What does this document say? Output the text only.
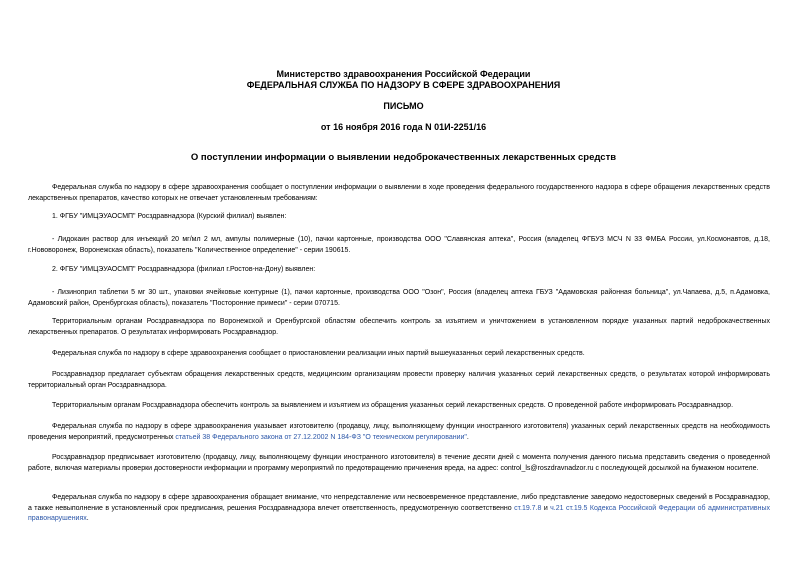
Министерство здравоохранения Российской Федерации
ФЕДЕРАЛЬНАЯ СЛУЖБА ПО НАДЗОРУ В СФЕРЕ ЗДРАВООХРАНЕНИЯ
ПИСЬМО
от 16 ноября 2016 года N 01И-2251/16
О поступлении информации о выявлении недоброкачественных лекарственных средств
Федеральная служба по надзору в сфере здравоохранения сообщает о поступлении информации о выявлении в ходе проведения федерального государственного надзора в сфере обращения лекарственных средств лекарственных препаратов, качество которых не отвечает установленным требованиям:
1. ФГБУ "ИМЦЭУАОСМП" Росздравнадзора (Курский филиал) выявлен:
- Лидокаин раствор для инъекций 20 мг/мл 2 мл, ампулы полимерные (10), пачки картонные, производства ООО "Славянская аптека", Россия (владелец ФГБУЗ МСЧ N 33 ФМБА России, ул.Космонавтов, д.18, г.Нововоронеж, Воронежская область), показатель "Количественное определение" - серии 190615.
2. ФГБУ "ИМЦЭУАОСМП" Росздравнадзора (филиал г.Ростов-на-Дону) выявлен:
- Лизиноприл таблетки 5 мг 30 шт., упаковки ячейковые контурные (1), пачки картонные, производства ООО "Озон", Россия (владелец аптека ГБУЗ "Адамовская районная больница", ул.Чапаева, д.5, п.Адамовка, Адамовский район, Оренбургская область), показатель "Посторонние примеси" - серии 070715.
Территориальным органам Росздравнадзора по Воронежской и Оренбургской областям обеспечить контроль за изъятием и уничтожением в установленном порядке указанных партий недоброкачественных лекарственных препаратов. О результатах информировать Росздравнадзор.
Федеральная служба по надзору в сфере здравоохранения сообщает о приостановлении реализации иных партий вышеуказанных серий лекарственных средств.
Росздравнадзор предлагает субъектам обращения лекарственных средств, медицинским организациям провести проверку наличия указанных серий лекарственных средств, о результатах которой информировать территориальный орган Росздравнадзора.
Территориальным органам Росздравнадзора обеспечить контроль за выявлением и изъятием из обращения указанных серий лекарственных средств. О проведенной работе информировать Росздравнадзор.
Федеральная служба по надзору в сфере здравоохранения указывает изготовителю (продавцу, лицу, выполняющему функции иностранного изготовителя) указанных серий лекарственных средств на необходимость проведения мероприятий, предусмотренных статьей 38 Федерального закона от 27.12.2002 N 184-ФЗ "О техническом регулировании".
Росздравнадзор предписывает изготовителю (продавцу, лицу, выполняющему функции иностранного изготовителя) в течение десяти дней с момента получения данного письма представить сведения о проведенной работе, включая материалы проверки достоверности информации и программу мероприятий по предотвращению причинения вреда, на адрес: control_ls@roszdravnadzor.ru с последующей досылкой на бумажном носителе.
Федеральная служба по надзору в сфере здравоохранения обращает внимание, что непредставление или несвоевременное представление, либо представление заведомо недостоверных сведений в Росздравнадзор, а также невыполнение в установленный срок предписания, решения Росздравнадзора влечет ответственность, предусмотренную соответственно ст.19.7.8 и ч.21 ст.19.5 Кодекса Российской Федерации об административных правонарушениях.
